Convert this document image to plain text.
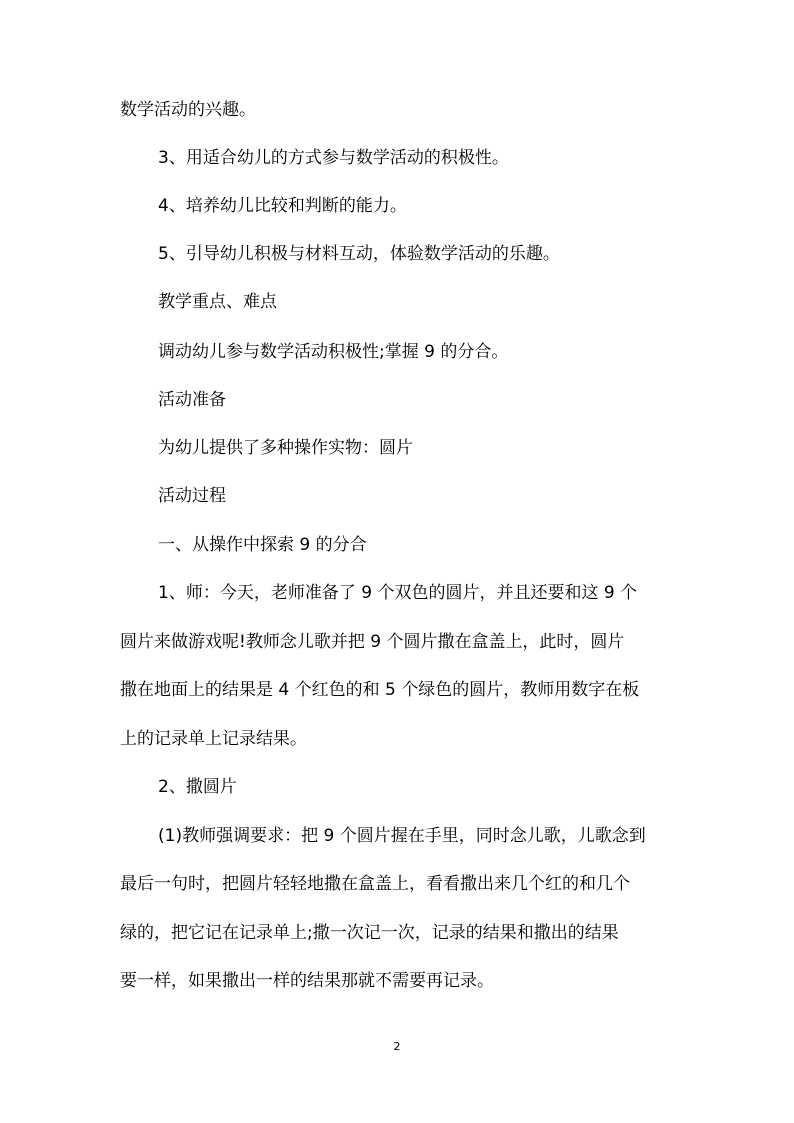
数学活动的兴趣。
3、用适合幼儿的方式参与数学活动的积极性。
4、培养幼儿比较和判断的能力。
5、引导幼儿积极与材料互动，体验数学活动的乐趣。
教学重点、难点
调动幼儿参与数学活动积极性;掌握 9 的分合。
活动准备
为幼儿提供了多种操作实物：圆片
活动过程
一、从操作中探索 9 的分合
1、师：今天，老师准备了 9 个双色的圆片，并且还要和这 9 个
圆片来做游戏呢!教师念儿歌并把 9 个圆片撒在盒盖上，此时，圆片
撒在地面上的结果是 4 个红色的和 5 个绿色的圆片，教师用数字在板
上的记录单上记录结果。
2、撒圆片
(1)教师强调要求：把 9 个圆片握在手里，同时念儿歌，儿歌念到
最后一句时，把圆片轻轻地撒在盒盖上，看看撒出来几个红的和几个
绿的，把它记在记录单上;撒一次记一次，记录的结果和撒出的结果
要一样，如果撒出一样的结果那就不需要再记录。
2
